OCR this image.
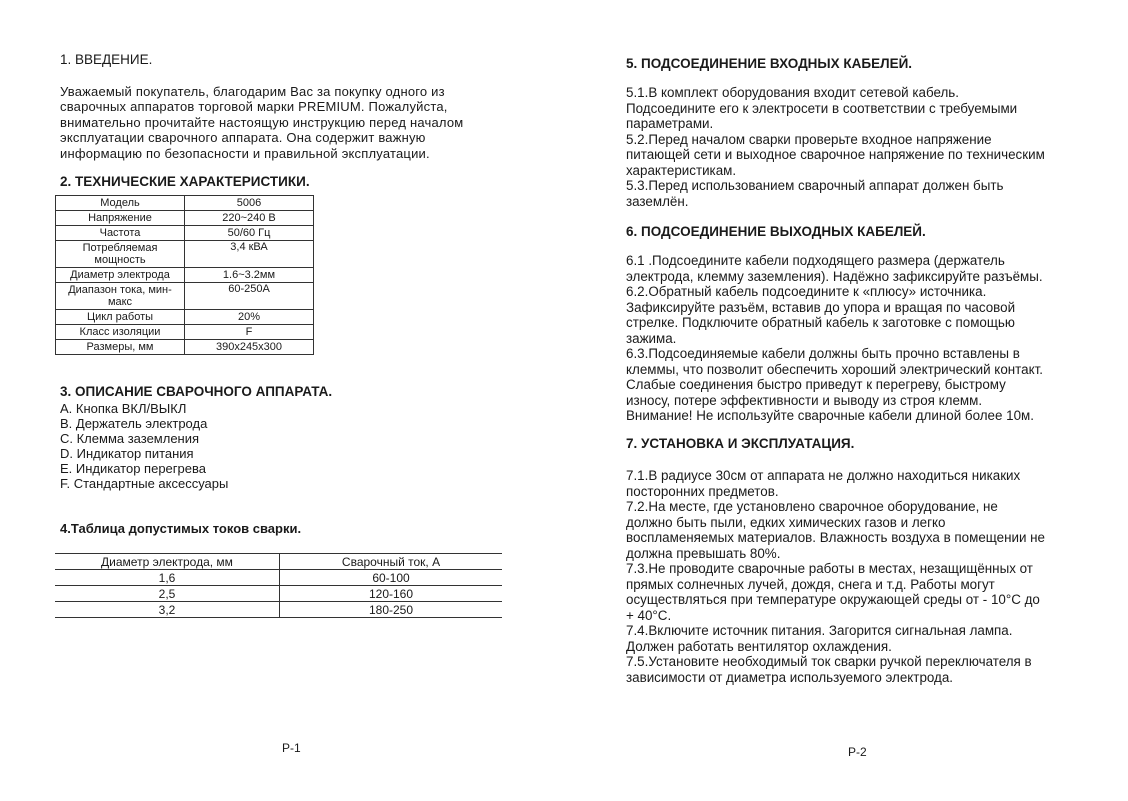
1. ВВЕДЕНИЕ.
Уважаемый покупатель, благодарим Вас за покупку одного из
сварочных аппаратов торговой марки PREMIUM. Пожалуйста,
внимательно прочитайте настоящую инструкцию перед началом
эксплуатации сварочного аппарата. Она содержит важную
информацию по безопасности и правильной эксплуатации.
2. ТЕХНИЧЕСКИЕ ХАРАКТЕРИСТИКИ.
Модель	5006
Напряжение	220~240 В
Частота	50/60 Гц
Потребляемая мощность	3,4 кВА
Диаметр электрода	1.6~3.2мм
Диапазон тока, мин-макс	60-250А
Цикл работы	20%
Класс изоляции	F
Размеры, мм	390х245х300
3. ОПИСАНИЕ СВАРОЧНОГО АППАРАТА.
А. Кнопка ВКЛ/ВЫКЛ
В. Держатель электрода
С. Клемма заземления
D. Индикатор питания
Е. Индикатор перегрева
F. Стандартные аксессуары
4.Таблица допустимых токов сварки.
Диаметр электрода, мм	Сварочный ток, А
1,6	60-100
2,5	120-160
3,2	180-250
P-1
5. ПОДСОЕДИНЕНИЕ ВХОДНЫХ КАБЕЛЕЙ.
5.1.В комплект оборудования входит сетевой кабель.
Подсоедините его к электросети в соответствии с требуемыми
параметрами.
5.2.Перед началом сварки проверьте входное напряжение
питающей сети и выходное сварочное напряжение по техническим
характеристикам.
5.3.Перед использованием сварочный аппарат должен быть
заземлён.
6. ПОДСОЕДИНЕНИЕ ВЫХОДНЫХ КАБЕЛЕЙ.
6.1 .Подсоедините кабели подходящего размера (держатель
электрода, клемму заземления). Надёжно зафиксируйте разъёмы.
6.2.Обратный кабель подсоедините к «плюсу» источника.
Зафиксируйте разъём, вставив до упора и вращая по часовой
стрелке. Подключите обратный кабель к заготовке с помощью
зажима.
6.3.Подсоединяемые кабели должны быть прочно вставлены в
клеммы, что позволит обеспечить хороший электрический контакт.
Слабые соединения быстро приведут к перегреву, быстрому
износу, потере эффективности и выводу из строя клемм.
Внимание! Не используйте сварочные кабели длиной более 10м.
7. УСТАНОВКА И ЭКСПЛУАТАЦИЯ.
7.1.В радиусе 30см от аппарата не должно находиться никаких
посторонних предметов.
7.2.На месте, где установлено сварочное оборудование, не
должно быть пыли, едких химических газов и легко
воспламеняемых материалов. Влажность воздуха в помещении не
должна превышать 80%.
7.3.Не проводите сварочные работы в местах, незащищённых от
прямых солнечных лучей, дождя, снега и т.д. Работы могут
осуществляться при температуре окружающей среды от - 10°С до
+ 40°С.
7.4.Включите источник питания. Загорится сигнальная лампа.
Должен работать вентилятор охлаждения.
7.5.Установите необходимый ток сварки ручкой переключателя в
зависимости от диаметра используемого электрода.
P-2
